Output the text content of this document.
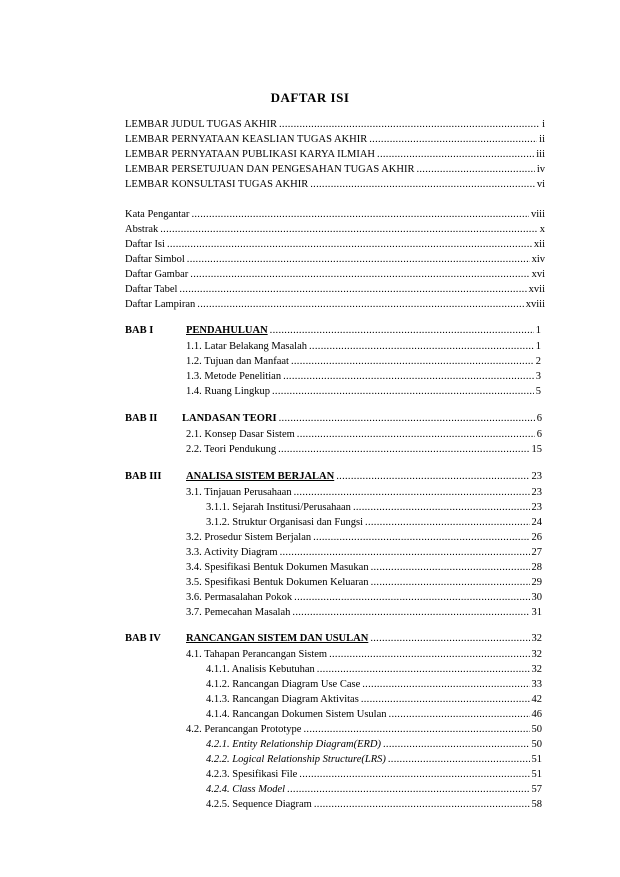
DAFTAR ISI
LEMBAR JUDUL TUGAS AKHIR .....	i
LEMBAR PERNYATAAN KEASLIAN TUGAS AKHIR .....	ii
LEMBAR PERNYATAAN PUBLIKASI KARYA ILMIAH .....	iii
LEMBAR PERSETUJUAN DAN PENGESAHAN TUGAS AKHIR .....	iv
LEMBAR KONSULTASI TUGAS AKHIR .....	vi
Kata Pengantar .....	viii
Abstrak .....	x
Daftar Isi .....	xii
Daftar Simbol .....	xiv
Daftar Gambar .....	xvi
Daftar Tabel .....	xvii
Daftar Lampiran .....	xviii
BAB I	PENDAHULUAN .....	1
1.1. Latar Belakang Masalah .....	1
1.2. Tujuan dan Manfaat .....	2
1.3. Metode Penelitian .....	3
1.4. Ruang Lingkup .....	5
BAB II LANDASAN TEORI .....	6
2.1. Konsep Dasar Sistem .....	6
2.2. Teori Pendukung .....	15
BAB III ANALISA SISTEM BERJALAN .....	23
3.1. Tinjauan Perusahaan .....	23
3.1.1. Sejarah Institusi/Perusahaan .....	23
3.1.2. Struktur Organisasi dan Fungsi .....	24
3.2. Prosedur Sistem Berjalan .....	26
3.3. Activity Diagram .....	27
3.4. Spesifikasi Bentuk Dokumen Masukan .....	28
3.5. Spesifikasi Bentuk Dokumen Keluaran .....	29
3.6. Permasalahan Pokok .....	30
3.7. Pemecahan Masalah .....	31
BAB IV RANCANGAN SISTEM DAN USULAN .....	32
4.1. Tahapan Perancangan Sistem .....	32
4.1.1. Analisis Kebutuhan .....	32
4.1.2. Rancangan Diagram Use Case .....	33
4.1.3. Rancangan Diagram Aktivitas .....	42
4.1.4. Rancangan Dokumen Sistem Usulan .....	46
4.2. Perancangan Prototype .....	50
4.2.1. Entity Relationship Diagram(ERD) .....	50
4.2.2. Logical Relationship Structure(LRS) .....	51
4.2.3. Spesifikasi File .....	51
4.2.4. Class Model .....	57
4.2.5. Sequence Diagram .....	58
